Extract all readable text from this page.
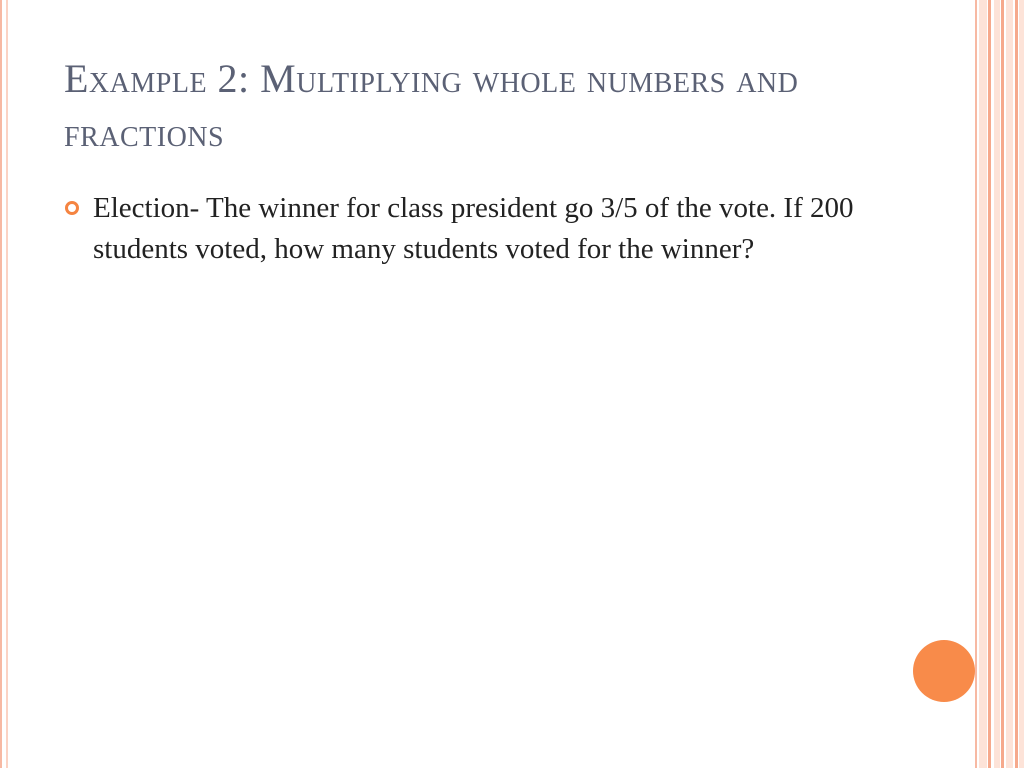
Example 2: Multiplying whole numbers and fractions
Election- The winner for class president go 3/5 of the vote. If 200 students voted, how many students voted for the winner?
